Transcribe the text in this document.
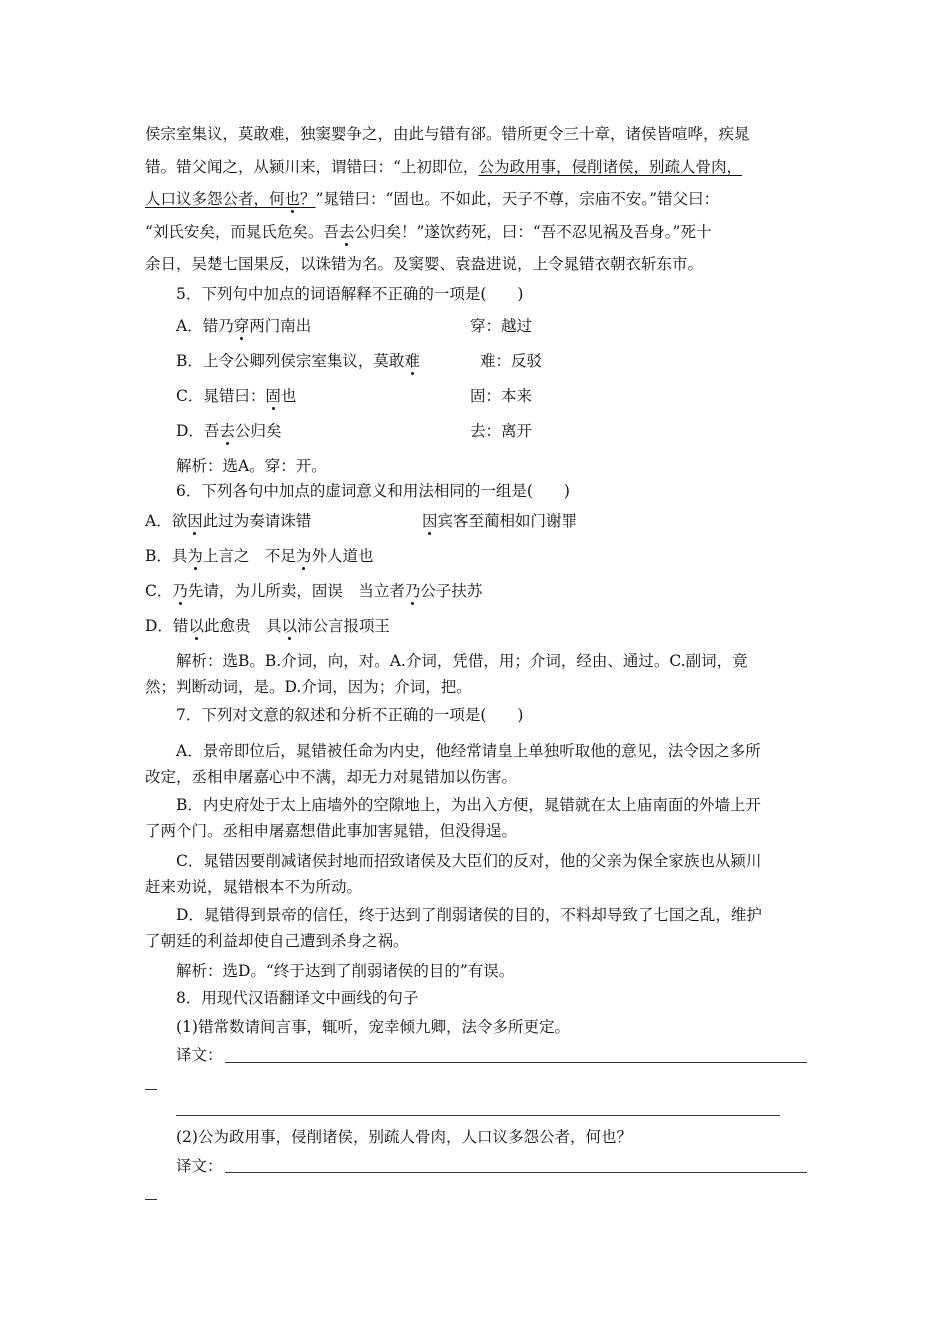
侯宗室集议，莫敢难，独窦婴争之，由此与错有郤。错所更令三十章，诸侯皆喧哗，疾晁
错。错父闻之，从颍川来，谓错曰：“上初即位，公为政用事，侵削诸侯，别疏人骨肉，
人口议多怨公者，何也？”晁错曰：“固也。不如此，天子不尊，宗庙不安。”错父曰：
“刘氏安矣，而晁氏危矣。吾去公归矣！”遂饮药死，曰：“吾不忍见祸及吾身。”死十
余日，吴楚七国果反，以诛错为名。及窦婴、袁盎进说，上令晁错衣朝衣斩东市。
5．下列句中加点的词语解释不正确的一项是(　　)
A．错乃穿两门南出	穿：越过
B．上令公卿列侯宗室集议，莫敢难	难：反驳
C．晁错曰：固也	固：本来
D．吾去公归矣	去：离开
解析：选A。穿：开。
6．下列各句中加点的虚词意义和用法相同的一组是(　　)
A．欲因此过为奏请诛错	因宾客至蔺相如门谢罪
B．具为上言之　不足为外人道也
C．乃先请，为儿所卖，固误　当立者乃公子扶苏
D．错以此愈贵　具以沛公言报项王
解析：选B。B.介词，向，对。A.介词，凭借，用；介词，经由、通过。C.副词，竟
然；判断动词，是。D.介词，因为；介词，把。
7．下列对文意的叙述和分析不正确的一项是(　　)
A．景帝即位后，晁错被任命为内史，他经常请皇上单独听取他的意见，法令因之多所
改定，丞相申屠嘉心中不满，却无力对晁错加以伤害。
B．内史府处于太上庙墙外的空隙地上，为出入方便，晁错就在太上庙南面的外墙上开
了两个门。丞相申屠嘉想借此事加害晁错，但没得逞。
C．晁错因要削减诸侯封地而招致诸侯及大臣们的反对，他的父亲为保全家族也从颍川
赶来劝说，晁错根本不为所动。
D．晁错得到景帝的信任，终于达到了削弱诸侯的目的，不料却导致了七国之乱，维护
了朝廷的利益却使自己遭到杀身之祸。
解析：选D。“终于达到了削弱诸侯的目的”有误。
8．用现代汉语翻译文中画线的句子
(1)错常数请间言事，辄听，宠幸倾九卿，法令多所更定。
译文：
(2)公为政用事，侵削诸侯，别疏人骨肉，人口议多怨公者，何也？
译文：
